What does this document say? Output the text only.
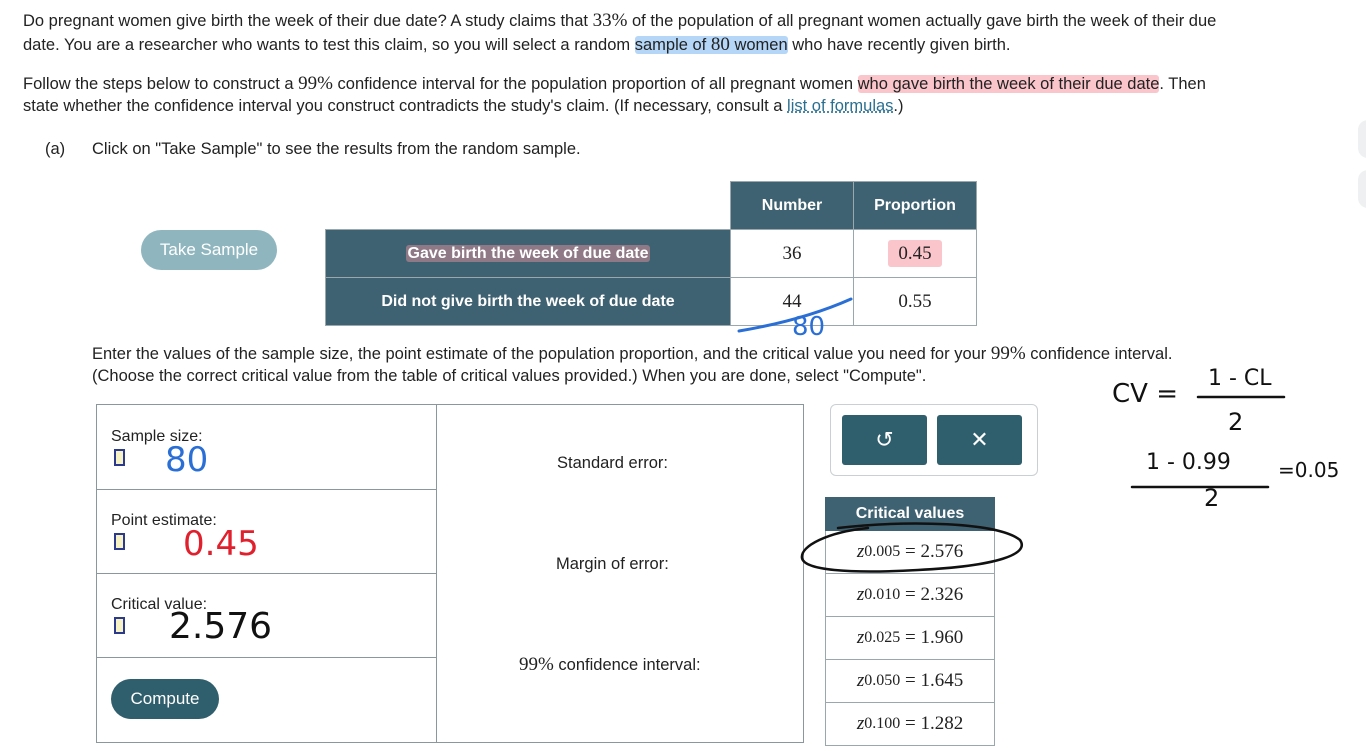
Do pregnant women give birth the week of their due date? A study claims that 33% of the population of all pregnant women actually gave birth the week of their due
date. You are a researcher who wants to test this claim, so you will select a random sample of 80 women who have recently given birth.
Follow the steps below to construct a 99% confidence interval for the population proportion of all pregnant women who gave birth the week of their due date. Then
state whether the confidence interval you construct contradicts the study's claim. (If necessary, consult a list of formulas.)
(a) Click on "Take Sample" to see the results from the random sample.
Take Sample
	Number	Proportion
Gave birth the week of due date	36	0.45
Did not give birth the week of due date	44	0.55
80
Enter the values of the sample size, the point estimate of the population proportion, and the critical value you need for your 99% confidence interval.
(Choose the correct critical value from the table of critical values provided.) When you are done, select "Compute".
Sample size:
80
Point estimate:
0.45
Critical value:
2.576
Compute
Standard error:
Margin of error:
99% confidence interval:
↺	✕
Critical values
z 0.005 = 2.576
z 0.010 = 2.326
z 0.025 = 1.960
z 0.050 = 1.645
z 0.100 = 1.282
CV =
1 - CL
2
1 - 0.99
2
=0.05
